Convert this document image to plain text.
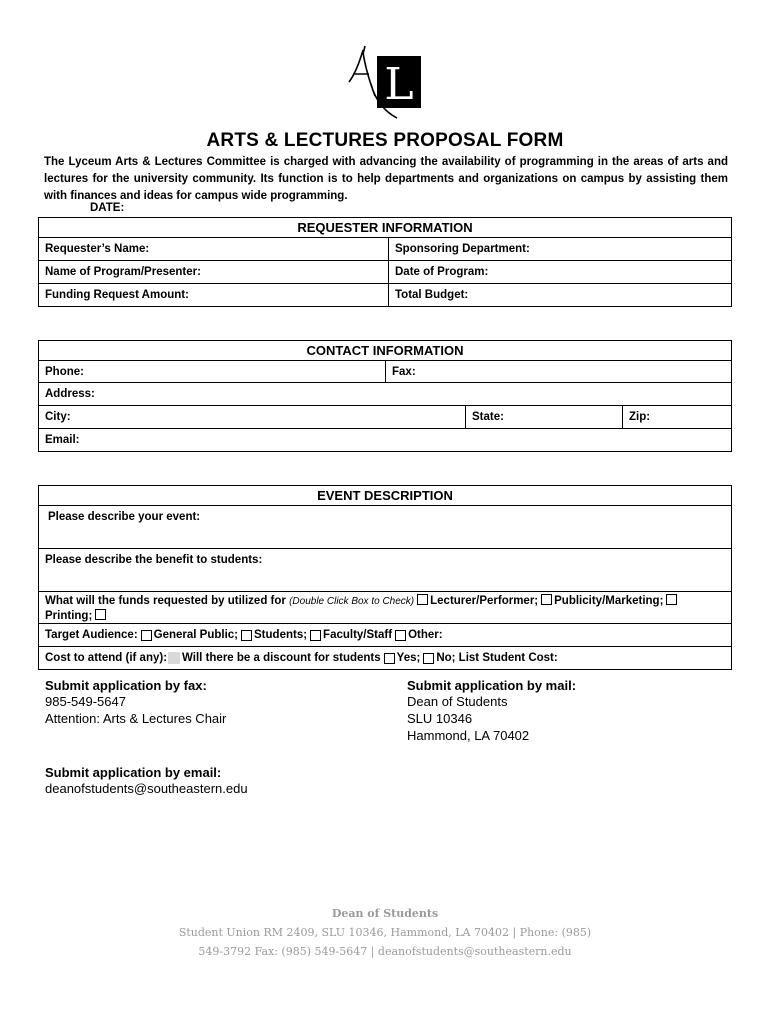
L
ARTS & LECTURES PROPOSAL FORM
The Lyceum Arts & Lectures Committee is charged with advancing the availability of programming in the areas of arts and lectures for the university community. Its function is to help departments and organizations on campus by assisting them with finances and ideas for campus wide programming.
DATE:
REQUESTER INFORMATION
Requester’s Name:	Sponsoring Department:
Name of Program/Presenter:	Date of Program:
Funding Request Amount:	Total Budget:
CONTACT INFORMATION
Phone:	Fax:
Address:
City:	State:	Zip:
Email:
EVENT DESCRIPTION
Please describe your event:
Please describe the benefit to students:
What will the funds requested by utilized for (Double Click Box to Check) Lecturer/Performer; Publicity/Marketing;Printing;

Target Audience: General Public; Students; Faculty/Staff Other:
Cost to attend (if any): Will there be a discount for students Yes; No; List Student Cost:
Submit application by fax:
985-549-5647
Attention: Arts & Lectures Chair
Submit application by mail:
Dean of Students
SLU 10346
Hammond, LA 70402
Submit application by email:
deanofstudents@southeastern.edu
Dean of Students
Student Union RM 2409, SLU 10346, Hammond, LA 70402 | Phone: (985)
549-3792 Fax: (985) 549-5647 | deanofstudents@southeastern.edu
